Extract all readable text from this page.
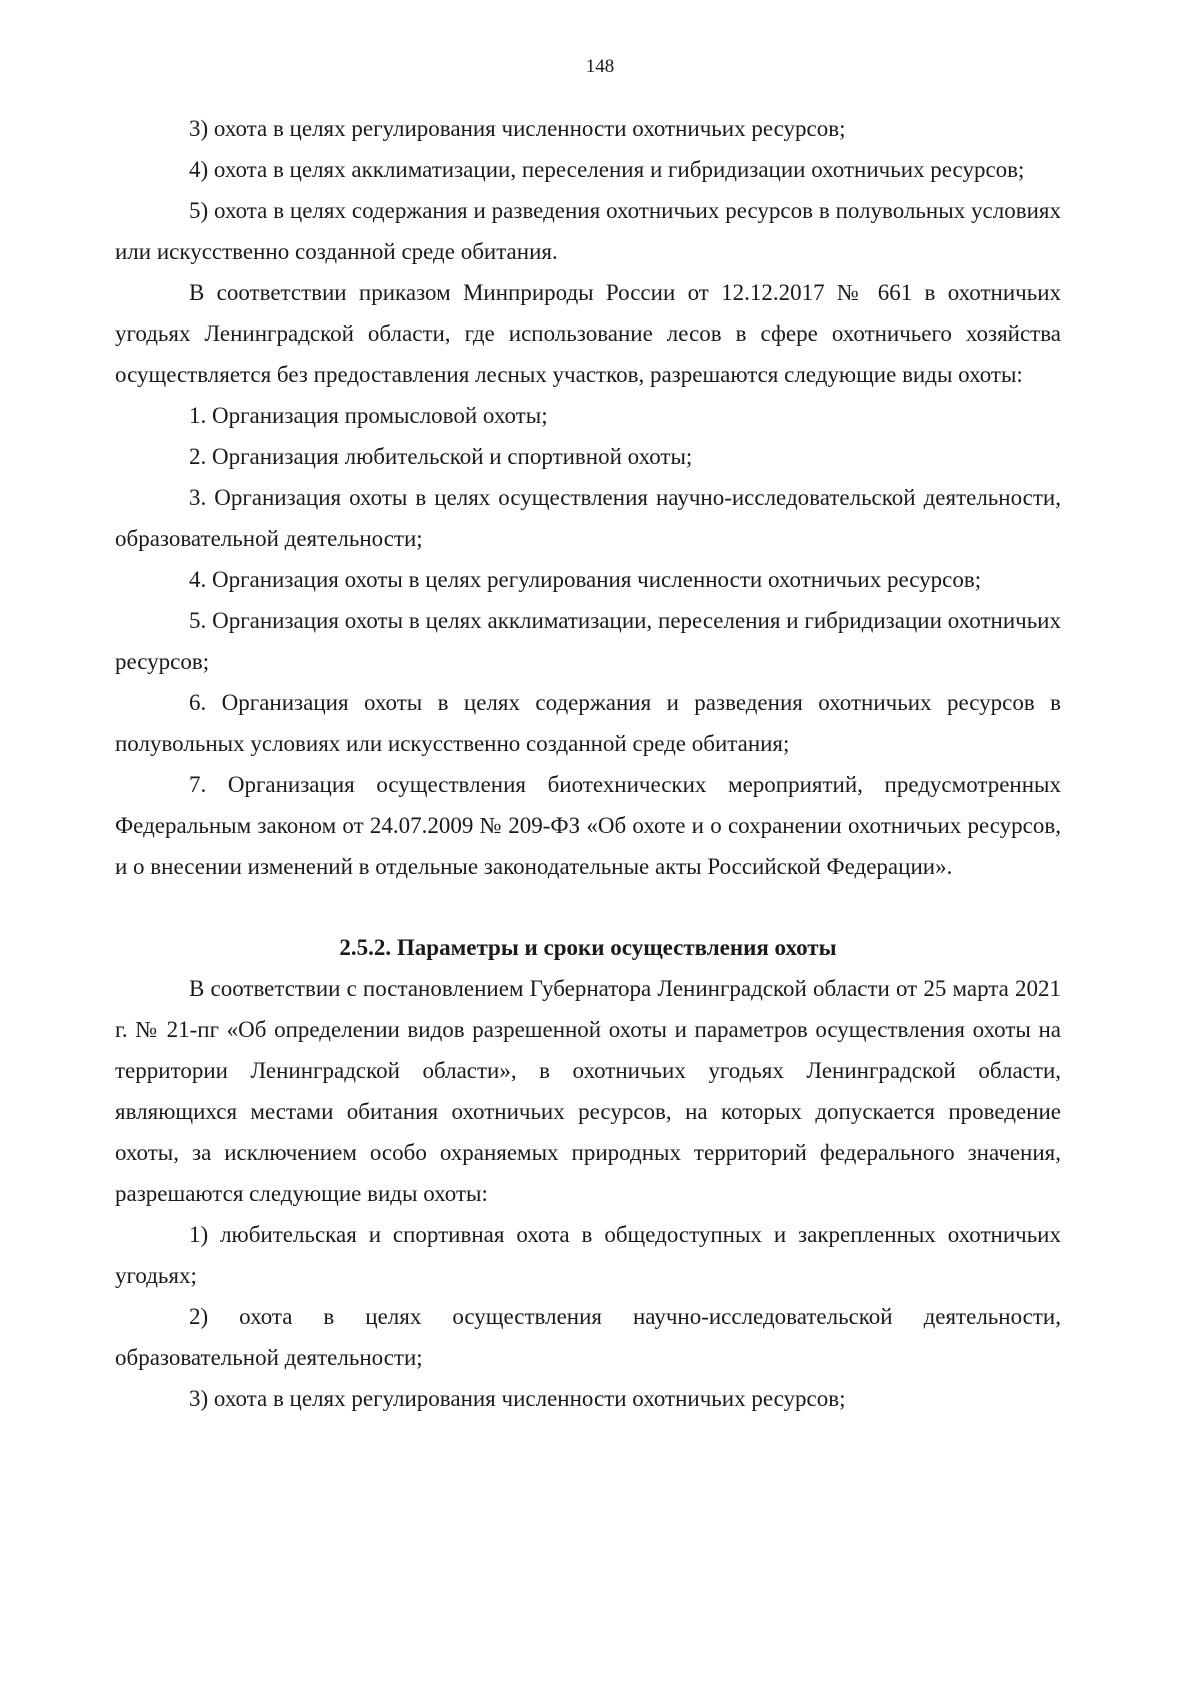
148

3) охота в целях регулирования численности охотничьих ресурсов;

4) охота в целях акклиматизации, переселения и гибридизации охотничьих ресурсов;

5) охота в целях содержания и разведения охотничьих ресурсов в полувольных условиях или искусственно созданной среде обитания.

В соответствии приказом Минприроды России от 12.12.2017 № 661 в охотничьих угодьях Ленинградской области, где использование лесов в сфере охотничьего хозяйства осуществляется без предоставления лесных участков, разрешаются следующие виды охоты:

1. Организация промысловой охоты;

2. Организация любительской и спортивной охоты;

3. Организация охоты в целях осуществления научно-исследовательской деятельности, образовательной деятельности;

4. Организация охоты в целях регулирования численности охотничьих ресурсов;

5. Организация охоты в целях акклиматизации, переселения и гибридизации охотничьих ресурсов;

6. Организация охоты в целях содержания и разведения охотничьих ресурсов в полувольных условиях или искусственно созданной среде обитания;

7. Организация осуществления биотехнических мероприятий, предусмотренных Федеральным законом от 24.07.2009 № 209-ФЗ «Об охоте и о сохранении охотничьих ресурсов, и о внесении изменений в отдельные законодательные акты Российской Федерации».

2.5.2. Параметры и сроки осуществления охоты

В соответствии с постановлением Губернатора Ленинградской области от 25 марта 2021 г. № 21-пг «Об определении видов разрешенной охоты и параметров осуществления охоты на территории Ленинградской области», в охотничьих угодьях Ленинградской области, являющихся местами обитания охотничьих ресурсов, на которых допускается проведение охоты, за исключением особо охраняемых природных территорий федерального значения, разрешаются следующие виды охоты:

1) любительская и спортивная охота в общедоступных и закрепленных охотничьих угодьях;

2) охота в целях осуществления научно-исследовательской деятельности, образовательной деятельности;

3) охота в целях регулирования численности охотничьих ресурсов;
